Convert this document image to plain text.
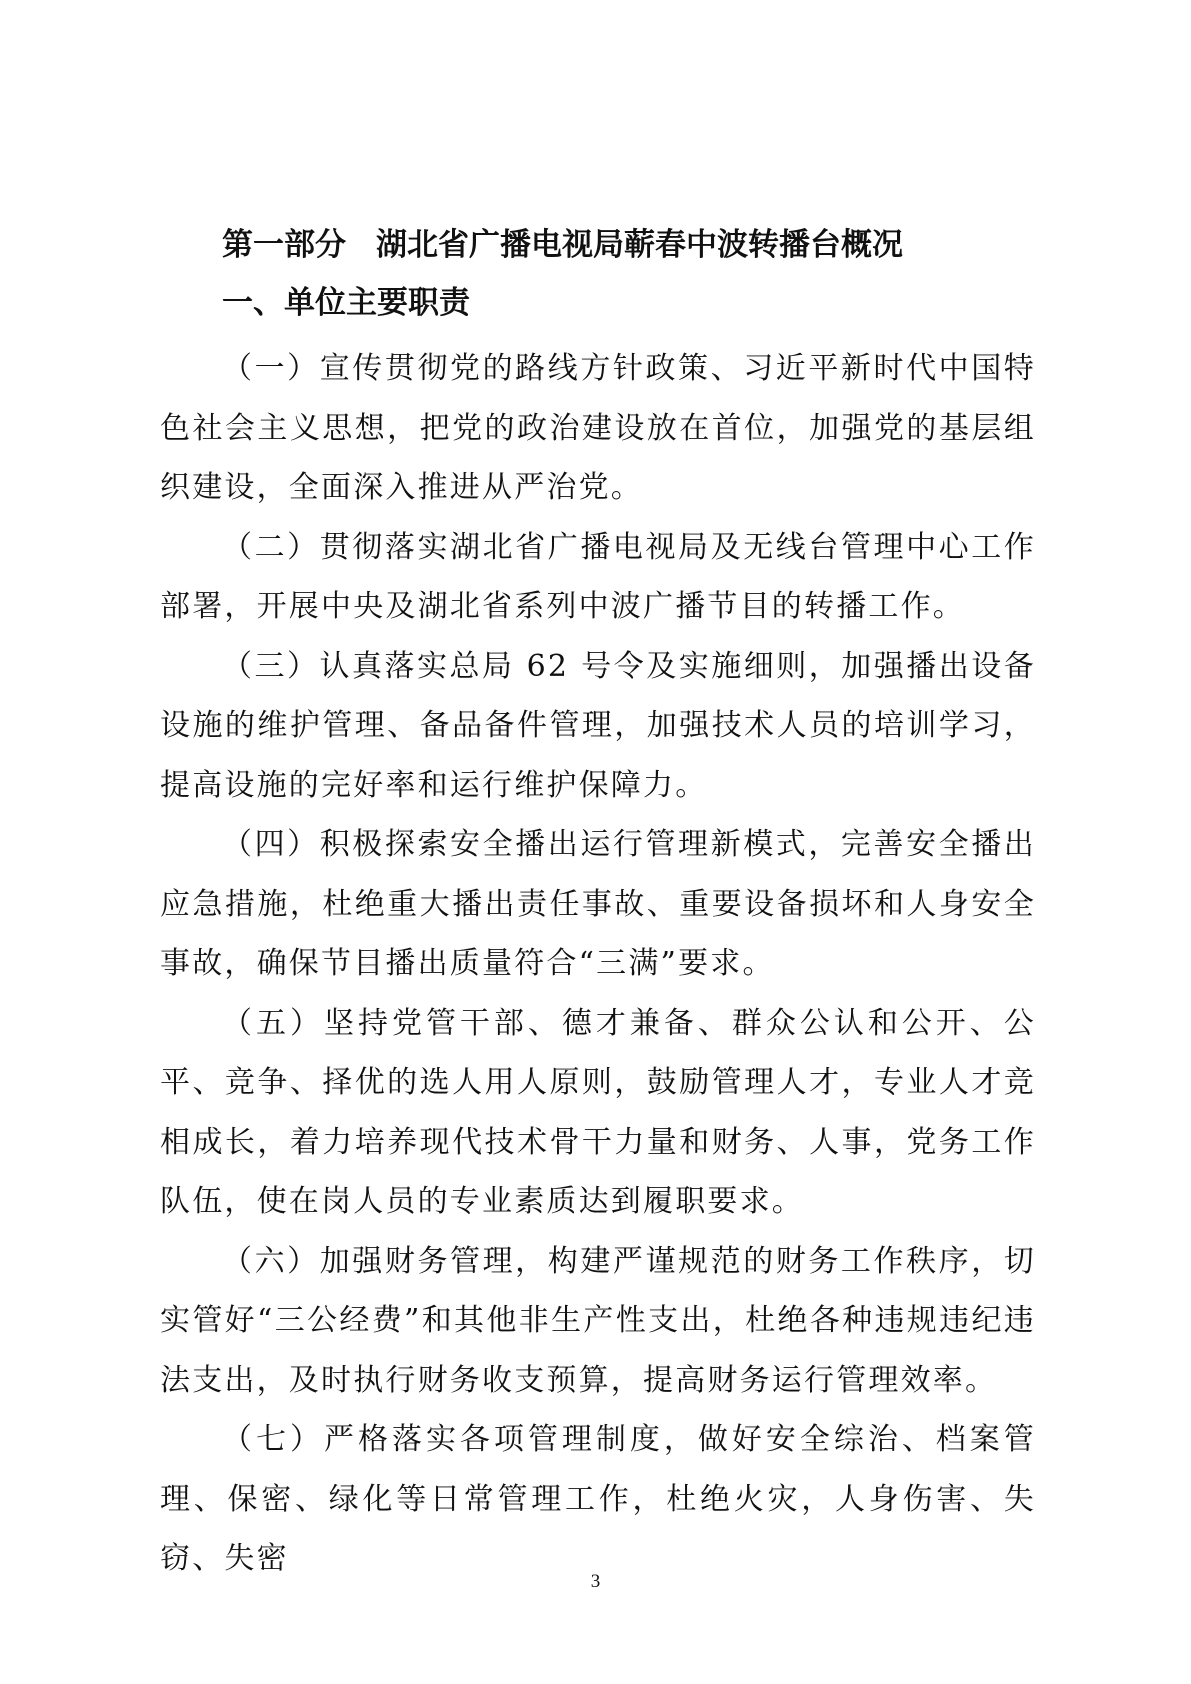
第一部分 湖北省广播电视局蕲春中波转播台概况
一、单位主要职责

（一）宣传贯彻党的路线方针政策、习近平新时代中国特色社会主义思想，把党的政治建设放在首位，加强党的基层组织建设，全面深入推进从严治党。

（二）贯彻落实湖北省广播电视局及无线台管理中心工作部署，开展中央及湖北省系列中波广播节目的转播工作。

（三）认真落实总局 62 号令及实施细则，加强播出设备设施的维护管理、备品备件管理，加强技术人员的培训学习，提高设施的完好率和运行维护保障力。

（四）积极探索安全播出运行管理新模式，完善安全播出应急措施，杜绝重大播出责任事故、重要设备损坏和人身安全事故，确保节目播出质量符合“三满”要求。

（五）坚持党管干部、德才兼备、群众公认和公开、公平、竞争、择优的选人用人原则，鼓励管理人才，专业人才竞相成长，着力培养现代技术骨干力量和财务、人事，党务工作队伍，使在岗人员的专业素质达到履职要求。

（六）加强财务管理，构建严谨规范的财务工作秩序，切实管好“三公经费”和其他非生产性支出，杜绝各种违规违纪违法支出，及时执行财务收支预算，提高财务运行管理效率。

（七）严格落实各项管理制度，做好安全综治、档案管理、保密、绿化等日常管理工作，杜绝火灾，人身伤害、失窃、失密

3
